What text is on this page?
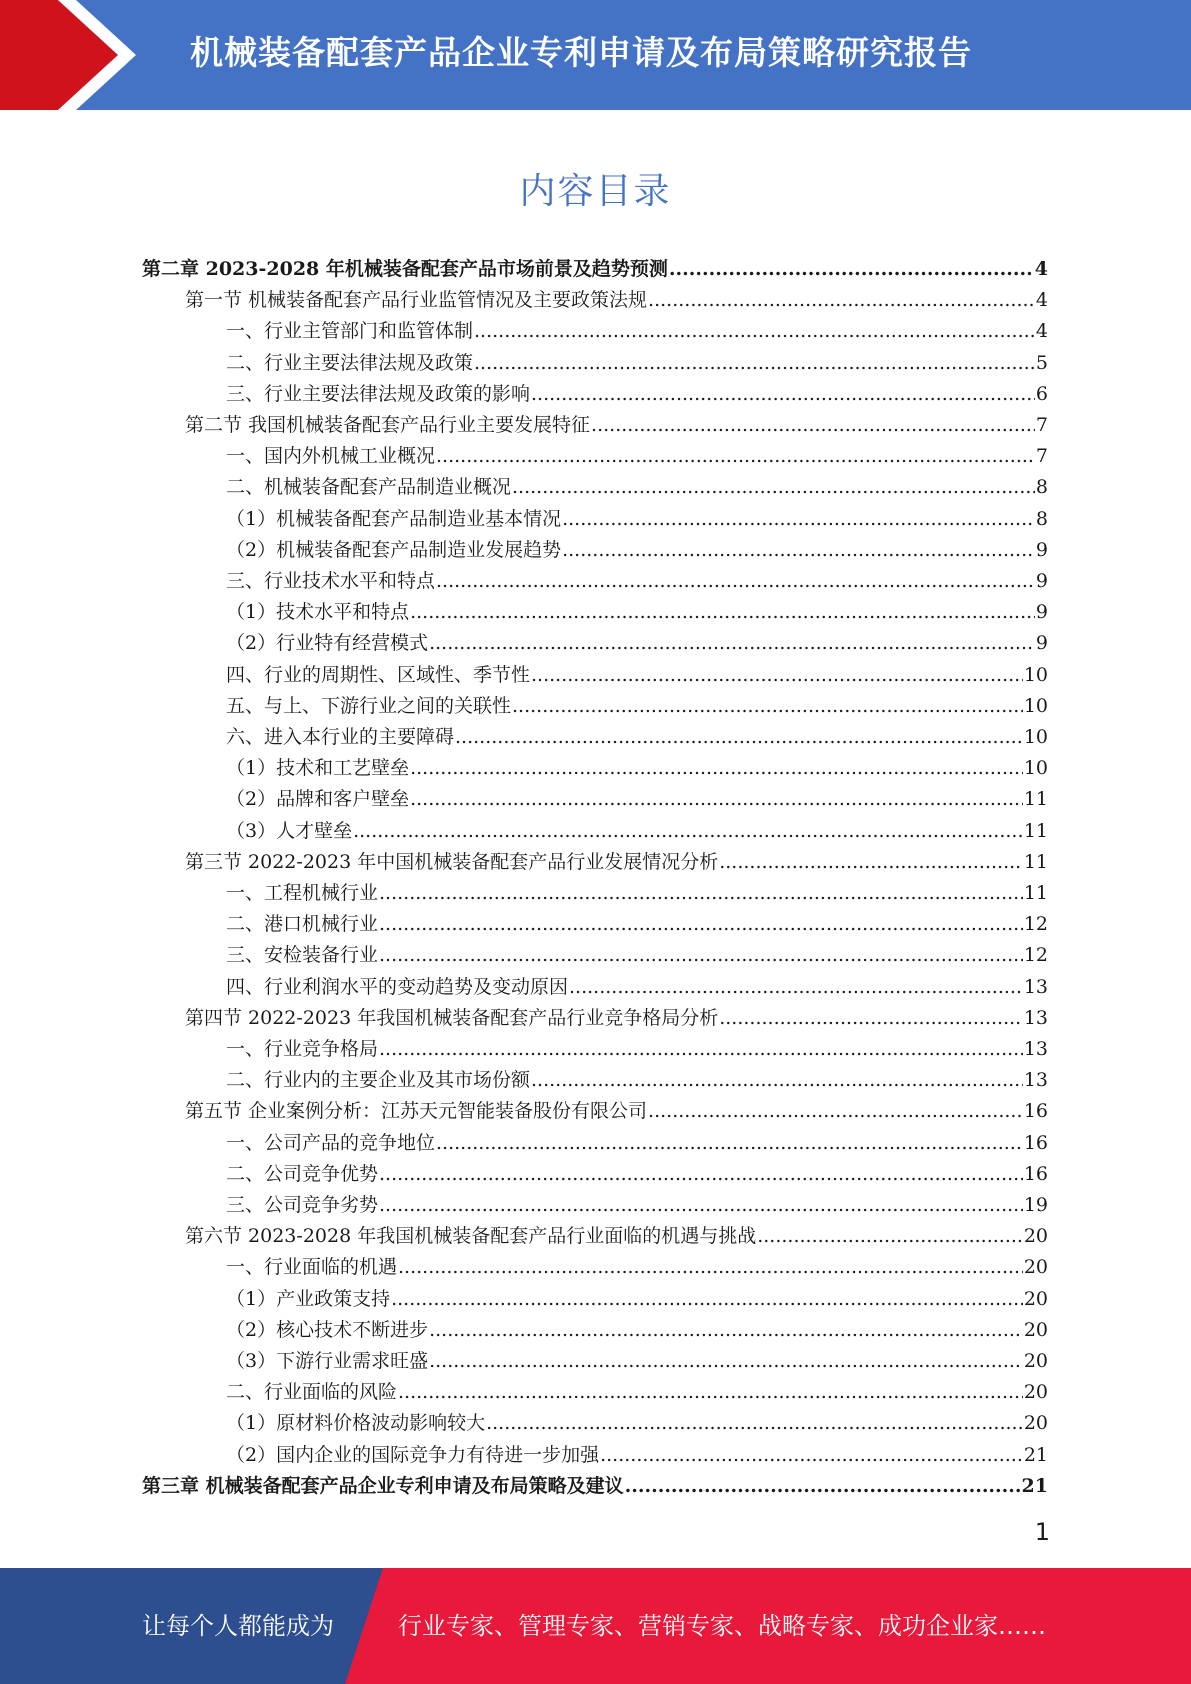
机械装备配套产品企业专利申请及布局策略研究报告
内容目录
第二章 2023-2028 年机械装备配套产品市场前景及趋势预测 .....	4
第一节 机械装备配套产品行业监管情况及主要政策法规 .....	4
一、行业主管部门和监管体制 .....	4
二、行业主要法律法规及政策 .....	5
三、行业主要法律法规及政策的影响 .....	6
第二节 我国机械装备配套产品行业主要发展特征 .....	7
一、国内外机械工业概况 .....	7
二、机械装备配套产品制造业概况 .....	8
（1）机械装备配套产品制造业基本情况 .....	8
（2）机械装备配套产品制造业发展趋势 .....	9
三、行业技术水平和特点 .....	9
（1）技术水平和特点 .....	9
（2）行业特有经营模式 .....	9
四、行业的周期性、区域性、季节性 .....	10
五、与上、下游行业之间的关联性 .....	10
六、进入本行业的主要障碍 .....	10
（1）技术和工艺壁垒 .....	10
（2）品牌和客户壁垒 .....	11
（3）人才壁垒 .....	11
第三节 2022-2023 年中国机械装备配套产品行业发展情况分析 .....	11
一、工程机械行业 .....	11
二、港口机械行业 .....	12
三、安检装备行业 .....	12
四、行业利润水平的变动趋势及变动原因 .....	13
第四节 2022-2023 年我国机械装备配套产品行业竞争格局分析 .....	13
一、行业竞争格局 .....	13
二、行业内的主要企业及其市场份额 .....	13
第五节 企业案例分析：江苏天元智能装备股份有限公司 .....	16
一、公司产品的竞争地位 .....	16
二、公司竞争优势 .....	16
三、公司竞争劣势 .....	19
第六节 2023-2028 年我国机械装备配套产品行业面临的机遇与挑战 .....	20
一、行业面临的机遇 .....	20
（1）产业政策支持 .....	20
（2）核心技术不断进步 .....	20
（3）下游行业需求旺盛 .....	20
二、行业面临的风险 .....	20
（1）原材料价格波动影响较大 .....	20
（2）国内企业的国际竞争力有待进一步加强 .....	21
第三章 机械装备配套产品企业专利申请及布局策略及建议 .....	21
1
让每个人都能成为	行业专家、管理专家、营销专家、战略专家、成功企业家……
